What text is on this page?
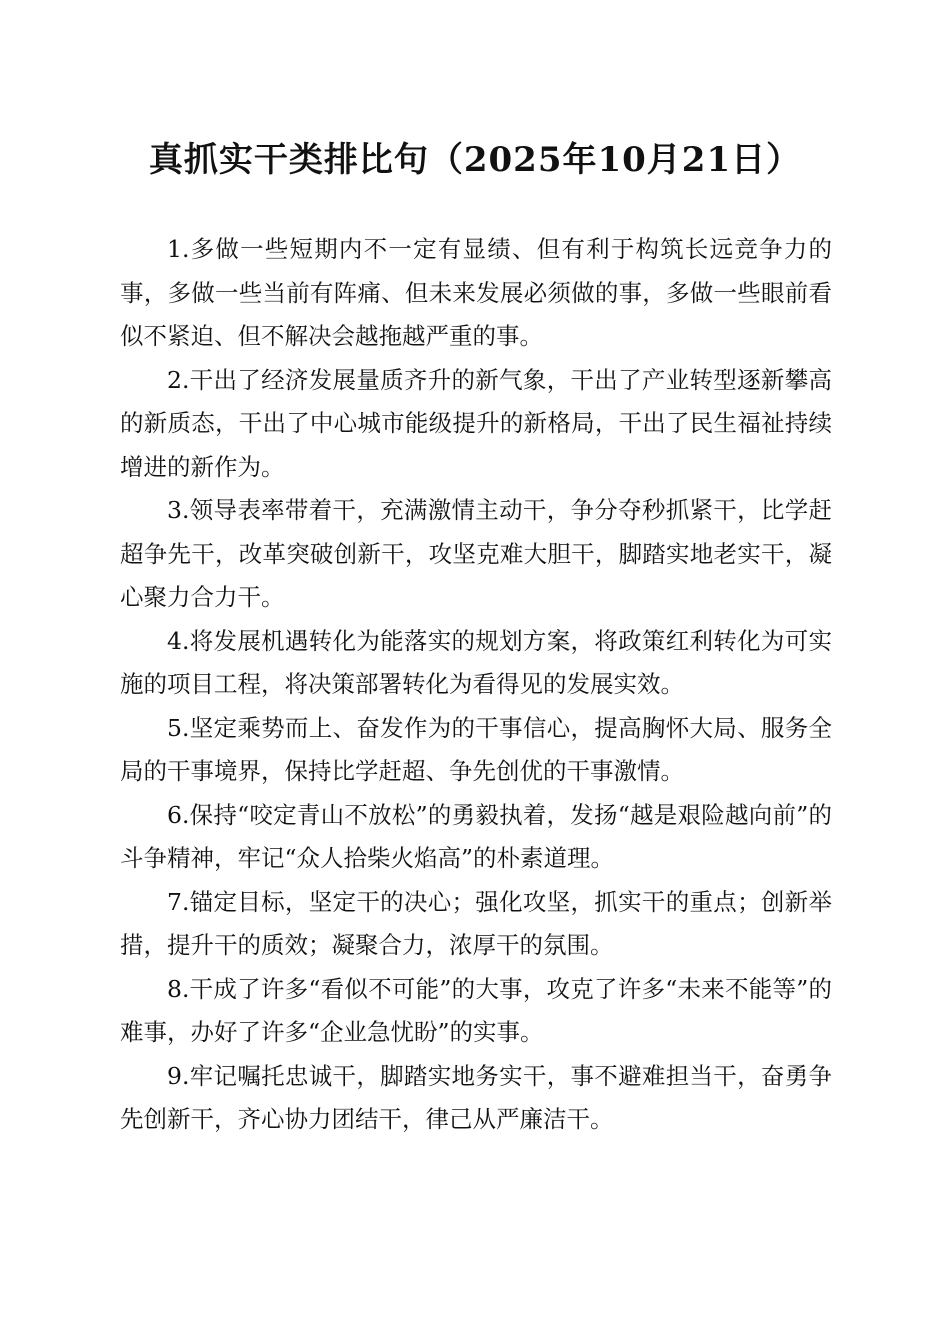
真抓实干类排比句（2025年10月21日）

1.多做一些短期内不一定有显绩、但有利于构筑长远竞争力的事，多做一些当前有阵痛、但未来发展必须做的事，多做一些眼前看似不紧迫、但不解决会越拖越严重的事。

2.干出了经济发展量质齐升的新气象，干出了产业转型逐新攀高的新质态，干出了中心城市能级提升的新格局，干出了民生福祉持续增进的新作为。

3.领导表率带着干，充满激情主动干，争分夺秒抓紧干，比学赶超争先干，改革突破创新干，攻坚克难大胆干，脚踏实地老实干，凝心聚力合力干。

4.将发展机遇转化为能落实的规划方案，将政策红利转化为可实施的项目工程，将决策部署转化为看得见的发展实效。

5.坚定乘势而上、奋发作为的干事信心，提高胸怀大局、服务全局的干事境界，保持比学赶超、争先创优的干事激情。

6.保持“咬定青山不放松”的勇毅执着，发扬“越是艰险越向前”的斗争精神，牢记“众人拾柴火焰高”的朴素道理。

7.锚定目标，坚定干的决心；强化攻坚，抓实干的重点；创新举措，提升干的质效；凝聚合力，浓厚干的氛围。

8.干成了许多“看似不可能”的大事，攻克了许多“未来不能等”的难事，办好了许多“企业急忧盼”的实事。

9.牢记嘱托忠诚干，脚踏实地务实干，事不避难担当干，奋勇争先创新干，齐心协力团结干，律己从严廉洁干。
